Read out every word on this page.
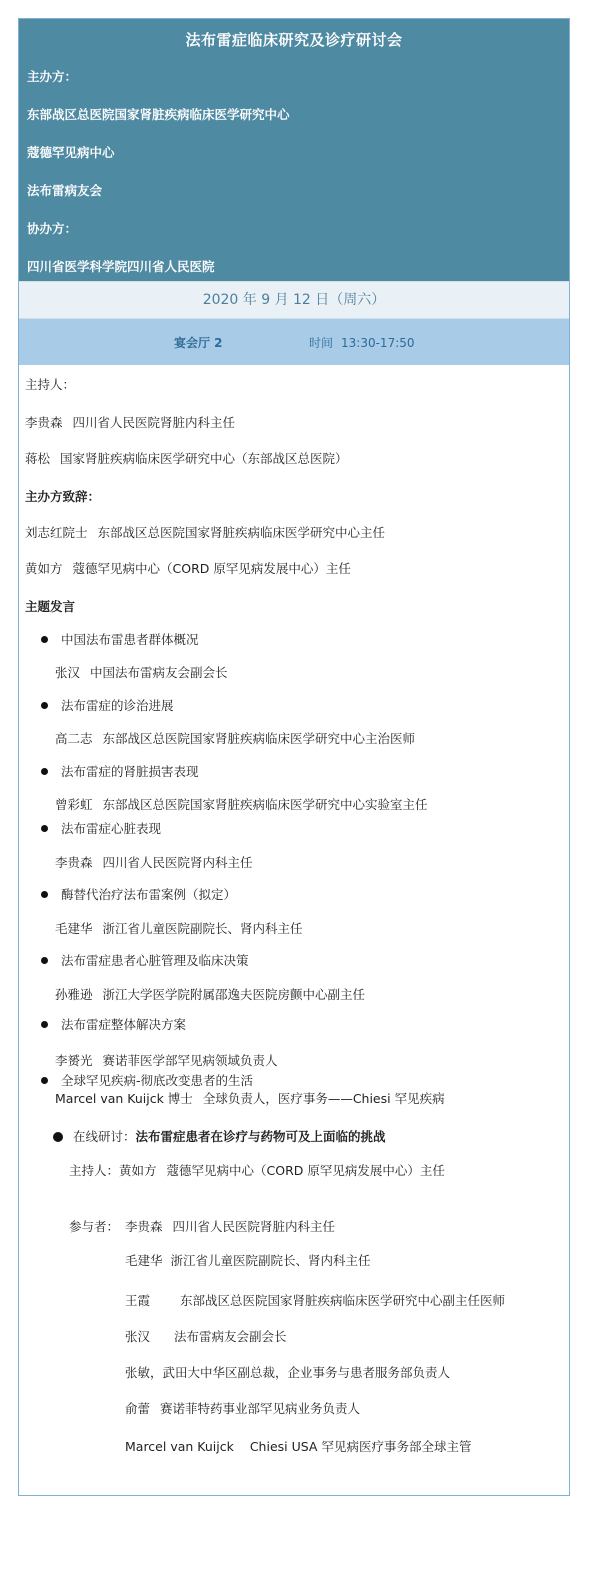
法布雷症临床研究及诊疗研讨会
主办方：
东部战区总医院国家肾脏疾病临床医学研究中心
蔻德罕见病中心
法布雷病友会
协办方：
四川省医学科学院四川省人民医院
2020 年 9 月 12 日（周六）
宴会厅 2	时间 13:30-17:50
主持人：
李贵森 四川省人民医院肾脏内科主任
蒋松 国家肾脏疾病临床医学研究中心（东部战区总医院）
主办方致辞：
刘志红院士 东部战区总医院国家肾脏疾病临床医学研究中心主任
黄如方 蔻德罕见病中心（CORD 原罕见病发展中心）主任
主题发言
中国法布雷患者群体概况
张汉 中国法布雷病友会副会长
法布雷症的诊治进展
高二志 东部战区总医院国家肾脏疾病临床医学研究中心主治医师
法布雷症的肾脏损害表现
曾彩虹 东部战区总医院国家肾脏疾病临床医学研究中心实验室主任
法布雷症心脏表现
李贵森 四川省人民医院肾内科主任
酶替代治疗法布雷案例（拟定）
毛建华 浙江省儿童医院副院长、肾内科主任
法布雷症患者心脏管理及临床决策
孙雅逊 浙江大学医学院附属邵逸夫医院房颤中心副主任
法布雷症整体解决方案
李赟光 赛诺菲医学部罕见病领域负责人
全球罕见疾病-彻底改变患者的生活
Marcel van Kuijck 博士 全球负责人，医疗事务——Chiesi 罕见疾病
在线研讨：法布雷症患者在诊疗与药物可及上面临的挑战
主持人：黄如方 蔻德罕见病中心（CORD 原罕见病发展中心）主任
参与者： 李贵森 四川省人民医院肾脏内科主任
毛建华 浙江省儿童医院副院长、肾内科主任
王霞 东部战区总医院国家肾脏疾病临床医学研究中心副主任医师
张汉 法布雷病友会副会长
张敏，武田大中华区副总裁，企业事务与患者服务部负责人
俞蕾 赛诺菲特药事业部罕见病业务负责人
Marcel van Kuijck Chiesi USA 罕见病医疗事务部全球主管
